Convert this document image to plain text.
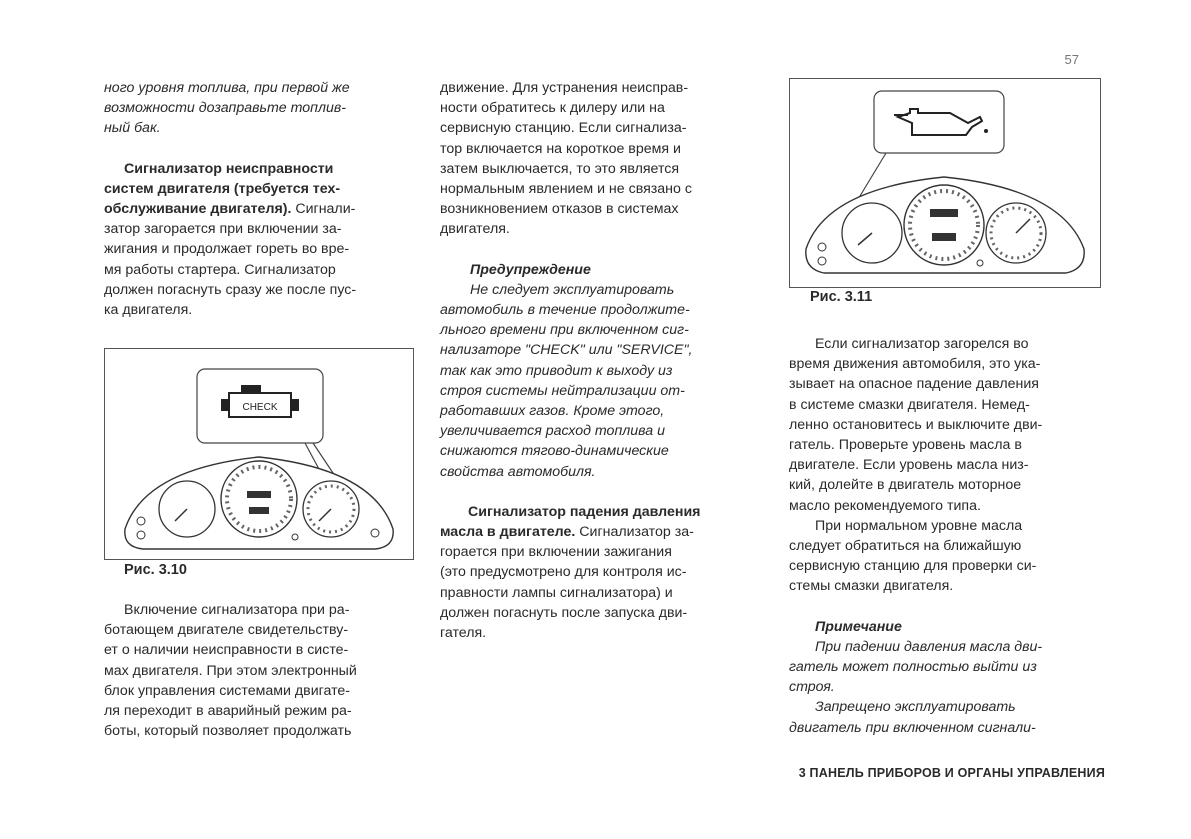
57

ного уровня топлива, при первой же

возможности дозаправьте топлив-

ный бак.

Сигнализатор неисправности

систем двигателя (требуется тех-

обслуживание двигателя). Сигнали-

затор загорается при включении за-

жигания и продолжает гореть во вре-

мя работы стартера. Сигнализатор

должен погаснуть сразу же после пус-

ка двигателя.

CHECK
Рис. 3.10

Включение сигнализатора при ра-

ботающем двигателе свидетельству-

ет о наличии неисправности в систе-

мах двигателя. При этом электронный

блок управления системами двигате-

ля переходит в аварийный режим ра-

боты, который позволяет продолжать

движение. Для устранения неисправ-

ности обратитесь к дилеру или на

сервисную станцию. Если сигнализа-

тор включается на короткое время и

затем выключается, то это является

нормальным явлением и не связано с

возникновением отказов в системах

двигателя.

Предупреждение

Не следует эксплуатировать

автомобиль в течение продолжите-

льного времени при включенном сиг-

нализаторе "CHECK" или "SERVICE",

так как это приводит к выходу из

строя системы нейтрализации от-

работавших газов. Кроме этого,

увеличивается расход топлива и

снижаются тягово-динамические

свойства автомобиля.

Сигнализатор падения давления

масла в двигателе. Сигнализатор за-

горается при включении зажигания

(это предусмотрено для контроля ис-

правности лампы сигнализатора) и

должен погаснуть после запуска дви-

гателя.

Рис. 3.11

Если сигнализатор загорелся во

время движения автомобиля, это ука-

зывает на опасное падение давления

в системе смазки двигателя. Немед-

ленно остановитесь и выключите дви-

гатель. Проверьте уровень масла в

двигателе. Если уровень масла низ-

кий, долейте в двигатель моторное

масло рекомендуемого типа.

При нормальном уровне масла

следует обратиться на ближайшую

сервисную станцию для проверки си-

стемы смазки двигателя.

Примечание

При падении давления масла дви-

гатель может полностью выйти из

строя.

Запрещено эксплуатировать

двигатель при включенном сигнали-

3 ПАНЕЛЬ ПРИБОРОВ И ОРГАНЫ УПРАВЛЕНИЯ
